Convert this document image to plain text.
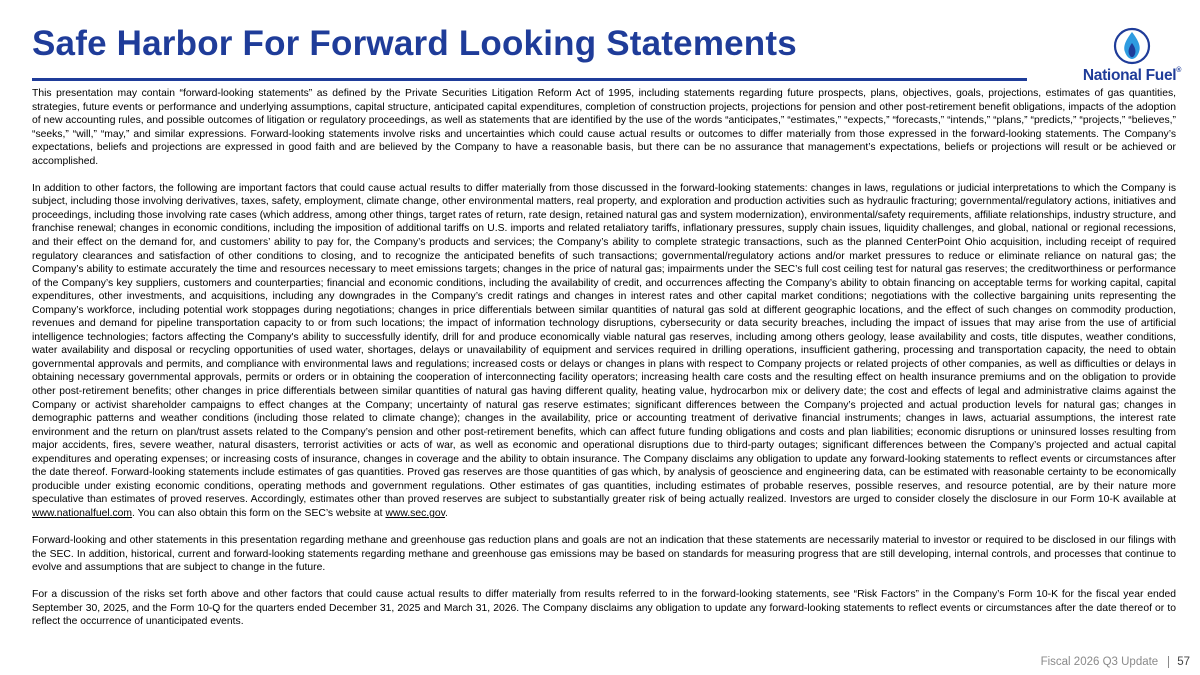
Safe Harbor For Forward Looking Statements
National Fuel®

This presentation may contain “forward-looking statements” as defined by the Private Securities Litigation Reform Act of 1995, including statements regarding future prospects, plans, objectives, goals, projections, estimates of gas quantities, strategies, future events or performance and underlying assumptions, capital structure, anticipated capital expenditures, completion of construction projects, projections for pension and other post-retirement benefit obligations, impacts of the adoption of new accounting rules, and possible outcomes of litigation or regulatory proceedings, as well as statements that are identified by the use of the words “anticipates,” “estimates,” “expects,” “forecasts,” “intends,” “plans,” “predicts,” “projects,” “believes,” “seeks,” “will,” “may,” and similar expressions. Forward-looking statements involve risks and uncertainties which could cause actual results or outcomes to differ materially from those expressed in the forward-looking statements. The Company’s expectations, beliefs and projections are expressed in good faith and are believed by the Company to have a reasonable basis, but there can be no assurance that management’s expectations, beliefs or projections will result or be achieved or accomplished.

In addition to other factors, the following are important factors that could cause actual results to differ materially from those discussed in the forward-looking statements: changes in laws, regulations or judicial interpretations to which the Company is subject, including those involving derivatives, taxes, safety, employment, climate change, other environmental matters, real property, and exploration and production activities such as hydraulic fracturing; governmental/regulatory actions, initiatives and proceedings, including those involving rate cases (which address, among other things, target rates of return, rate design, retained natural gas and system modernization), environmental/safety requirements, affiliate relationships, industry structure, and franchise renewal; changes in economic conditions, including the imposition of additional tariffs on U.S. imports and related retaliatory tariffs, inflationary pressures, supply chain issues, liquidity challenges, and global, national or regional recessions, and their effect on the demand for, and customers’ ability to pay for, the Company’s products and services; the Company’s ability to complete strategic transactions, such as the planned CenterPoint Ohio acquisition, including receipt of required regulatory clearances and satisfaction of other conditions to closing, and to recognize the anticipated benefits of such transactions; governmental/regulatory actions and/or market pressures to reduce or eliminate reliance on natural gas; the Company’s ability to estimate accurately the time and resources necessary to meet emissions targets; changes in the price of natural gas; impairments under the SEC’s full cost ceiling test for natural gas reserves; the creditworthiness or performance of the Company’s key suppliers, customers and counterparties; financial and economic conditions, including the availability of credit, and occurrences affecting the Company’s ability to obtain financing on acceptable terms for working capital, capital expenditures, other investments, and acquisitions, including any downgrades in the Company’s credit ratings and changes in interest rates and other capital market conditions; negotiations with the collective bargaining units representing the Company’s workforce, including potential work stoppages during negotiations; changes in price differentials between similar quantities of natural gas sold at different geographic locations, and the effect of such changes on commodity production, revenues and demand for pipeline transportation capacity to or from such locations; the impact of information technology disruptions, cybersecurity or data security breaches, including the impact of issues that may arise from the use of artificial intelligence technologies; factors affecting the Company's ability to successfully identify, drill for and produce economically viable natural gas reserves, including among others geology, lease availability and costs, title disputes, weather conditions, water availability and disposal or recycling opportunities of used water, shortages, delays or unavailability of equipment and services required in drilling operations, insufficient gathering, processing and transportation capacity, the need to obtain governmental approvals and permits, and compliance with environmental laws and regulations; increased costs or delays or changes in plans with respect to Company projects or related projects of other companies, as well as difficulties or delays in obtaining necessary governmental approvals, permits or orders or in obtaining the cooperation of interconnecting facility operators; increasing health care costs and the resulting effect on health insurance premiums and on the obligation to provide other post-retirement benefits; other changes in price differentials between similar quantities of natural gas having different quality, heating value, hydrocarbon mix or delivery date; the cost and effects of legal and administrative claims against the Company or activist shareholder campaigns to effect changes at the Company; uncertainty of natural gas reserve estimates; significant differences between the Company’s projected and actual production levels for natural gas; changes in demographic patterns and weather conditions (including those related to climate change); changes in the availability, price or accounting treatment of derivative financial instruments; changes in laws, actuarial assumptions, the interest rate environment and the return on plan/trust assets related to the Company’s pension and other post-retirement benefits, which can affect future funding obligations and costs and plan liabilities; economic disruptions or uninsured losses resulting from major accidents, fires, severe weather, natural disasters, terrorist activities or acts of war, as well as economic and operational disruptions due to third-party outages; significant differences between the Company’s projected and actual capital expenditures and operating expenses; or increasing costs of insurance, changes in coverage and the ability to obtain insurance. The Company disclaims any obligation to update any forward-looking statements to reflect events or circumstances after the date thereof. Forward-looking statements include estimates of gas quantities. Proved gas reserves are those quantities of gas which, by analysis of geoscience and engineering data, can be estimated with reasonable certainty to be economically producible under existing economic conditions, operating methods and government regulations. Other estimates of gas quantities, including estimates of probable reserves, possible reserves, and resource potential, are by their nature more speculative than estimates of proved reserves. Accordingly, estimates other than proved reserves are subject to substantially greater risk of being actually realized. Investors are urged to consider closely the disclosure in our Form 10-K available at www.nationalfuel.com. You can also obtain this form on the SEC’s website at www.sec.gov.

Forward-looking and other statements in this presentation regarding methane and greenhouse gas reduction plans and goals are not an indication that these statements are necessarily material to investor or required to be disclosed in our filings with the SEC. In addition, historical, current and forward-looking statements regarding methane and greenhouse gas emissions may be based on standards for measuring progress that are still developing, internal controls, and processes that continue to evolve and assumptions that are subject to change in the future.

For a discussion of the risks set forth above and other factors that could cause actual results to differ materially from results referred to in the forward-looking statements, see “Risk Factors” in the Company’s Form 10-K for the fiscal year ended September 30, 2025, and the Form 10-Q for the quarters ended December 31, 2025 and March 31, 2026. The Company disclaims any obligation to update any forward-looking statements to reflect events or circumstances after the date thereof or to reflect the occurrence of unanticipated events.

Fiscal 2026 Q3 Update 57
